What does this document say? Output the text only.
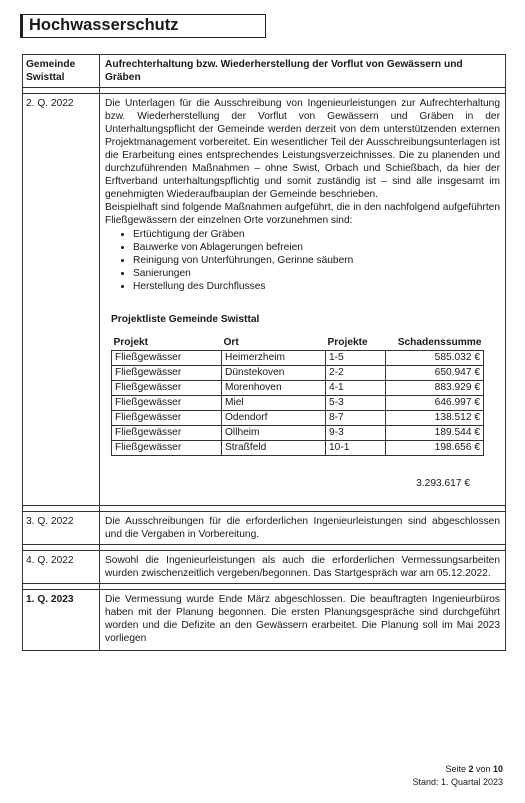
Hochwasserschutz
Gemeinde Swisttal	Aufrechterhaltung bzw. Wiederherstellung der Vorflut von Gewässern und Gräben

2. Q. 2022	Die Unterlagen für die Ausschreibung von Ingenieurleistungen zur Aufrechterhaltung bzw. Wiederherstellung der Vorflut von Gewässern und Gräben in der Unterhaltungspflicht der Gemeinde werden derzeit von dem unterstützenden externen Projektmanagement vorbereitet. Ein wesentlicher Teil der Ausschreibungsunterlagen ist die Erarbeitung eines entsprechendes Leistungsverzeichnisses. Die zu planenden und durchzuführenden Maßnahmen – ohne Swist, Orbach und Schießbach, da hier der Erftverband unterhaltungspflichtig und somit zuständig ist – sind alle insgesamt im genehmigten Wiederaufbauplan der Gemeinde beschrieben.
Beispielhaft sind folgende Maßnahmen aufgeführt, die in den nachfolgend aufgeführten Fließgewässern der einzelnen Orte vorzunehmen sind:
• Ertüchtigung der Gräben
• Bauwerke von Ablagerungen befreien
• Reinigung von Unterführungen, Gerinne säubern
• Sanierungen
• Herstellung des Durchflusses
Projektliste Gemeinde Swisttal
Projekt	Ort	Projekte	Schadenssumme
Fließgewässer	Heimerzheim	1-5	585.032 €
Fließgewässer	Dünstekoven	2-2	650.947 €
Fließgewässer	Morenhoven	4-1	883.929 €
Fließgewässer	Miel	5-3	646.997 €
Fließgewässer	Odendorf	8-7	138.512 €
Fließgewässer	Ollheim	9-3	189.544 €
Fließgewässer	Straßfeld	10-1	198.656 €
3.293.617 €

3. Q. 2022	Die Ausschreibungen für die erforderlichen Ingenieurleistungen sind abgeschlossen und die Vergaben in Vorbereitung.

4. Q. 2022	Sowohl die Ingenieurleistungen als auch die erforderlichen Vermessungsarbeiten wurden zwischenzeitlich vergeben/begonnen. Das Startgespräch war am 05.12.2022.

1. Q. 2023	Die Vermessung wurde Ende März abgeschlossen. Die beauftragten Ingenieurbüros haben mit der Planung begonnen. Die ersten Planungsgespräche sind durchgeführt worden und die Defizite an den Gewässern erarbeitet. Die Planung soll im Mai 2023 vorliegen
Seite 2 von 10
Stand: 1. Quartal 2023
